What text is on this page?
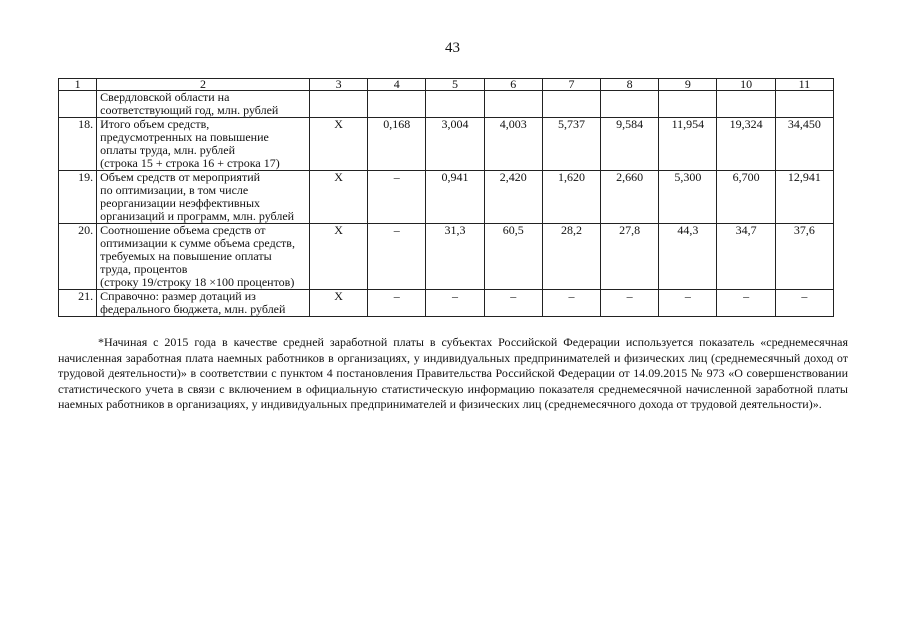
43
1	2	3	4	5	6	7	8	9	10	11
	Свердловской области на
соответствующий год, млн. рублей									
18.	Итого объем средств,
предусмотренных на повышение
оплаты труда, млн. рублей
(строка 15 + строка 16 + строка 17)	Х	0,168	3,004	4,003	5,737	9,584	11,954	19,324	34,450
19.	Объем средств от мероприятий
по оптимизации, в том числе
реорганизации неэффективных
организаций и программ, млн. рублей	Х	–	0,941	2,420	1,620	2,660	5,300	6,700	12,941
20.	Соотношение объема средств от
оптимизации к сумме объема средств,
требуемых на повышение оплаты
труда, процентов
(строку 19/строку 18 ×100 процентов)	Х	–	31,3	60,5	28,2	27,8	44,3	34,7	37,6
21.	Справочно: размер дотаций из
федерального бюджета, млн. рублей	Х	–	–	–	–	–	–	–	–

*Начиная с 2015 года в качестве средней заработной платы в субъектах Российской Федерации используется показатель «среднемесячная начисленная заработная плата наемных работников в организациях, у индивидуальных предпринимателей и физических лиц (среднемесячный доход от трудовой деятельности)» в соответствии с пунктом 4 постановления Правительства Российской Федерации от 14.09.2015 № 973 «О совершенствовании статистического учета в связи с включением в официальную статистическую информацию показателя среднемесячной начисленной заработной платы наемных работников в организациях, у индивидуальных предпринимателей и физических лиц (среднемесячного дохода от трудовой деятельности)».
